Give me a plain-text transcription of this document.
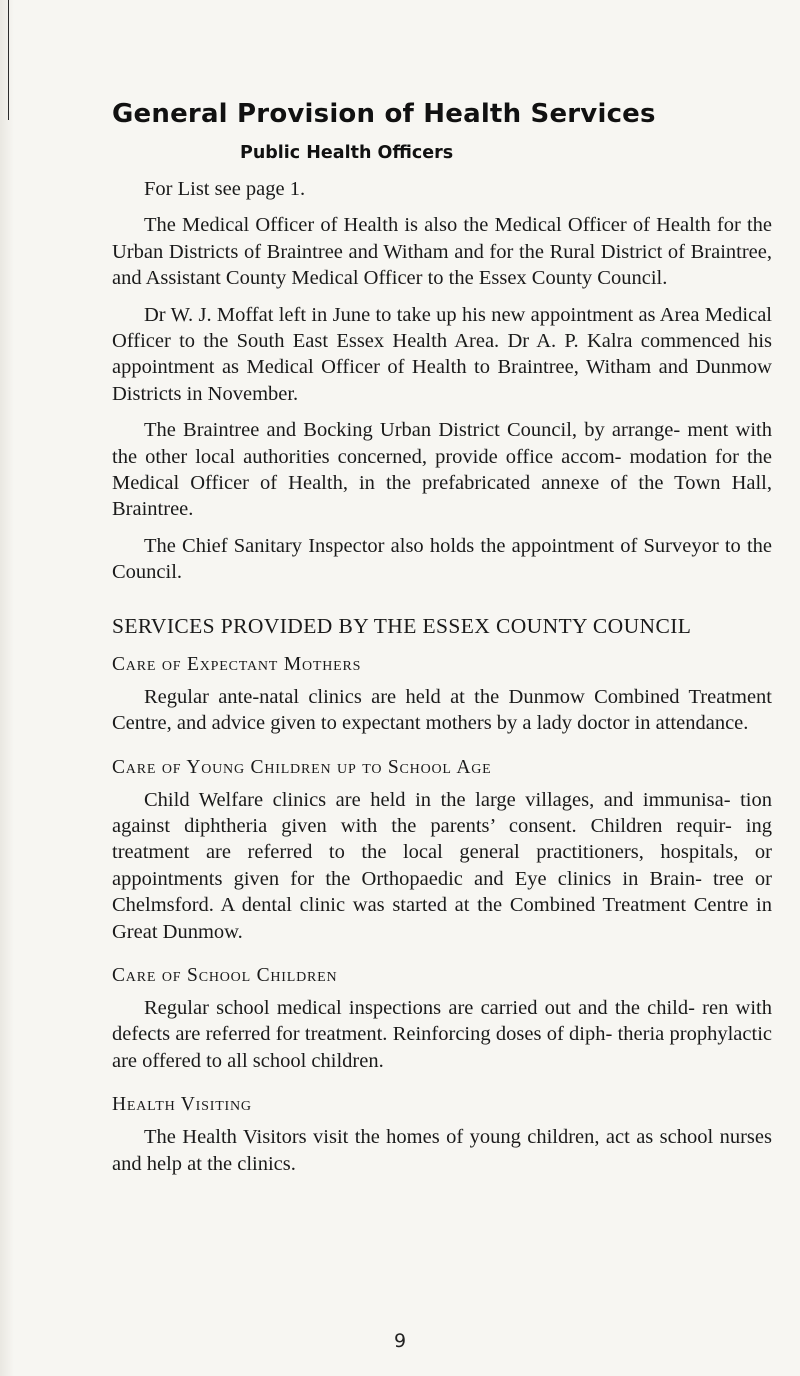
General Provision of Health Services
Public Health Officers

For List see page 1.

The Medical Officer of Health is also the Medical Officer of Health for the Urban Districts of Braintree and Witham and for the Rural District of Braintree, and Assistant County Medical Officer to the Essex County Council.

Dr W. J. Moffat left in June to take up his new appointment as Area Medical Officer to the South East Essex Health Area. Dr A. P. Kalra commenced his appointment as Medical Officer of Health to Braintree, Witham and Dunmow Districts in November.

The Braintree and Bocking Urban District Council, by arrange- ment with the other local authorities concerned, provide office accom- modation for the Medical Officer of Health, in the prefabricated annexe of the Town Hall, Braintree.

The Chief Sanitary Inspector also holds the appointment of Surveyor to the Council.

SERVICES PROVIDED BY THE ESSEX COUNTY COUNCIL
Care of Expectant Mothers

Regular ante-natal clinics are held at the Dunmow Combined Treatment Centre, and advice given to expectant mothers by a lady doctor in attendance.

Care of Young Children up to School Age

Child Welfare clinics are held in the large villages, and immunisa- tion against diphtheria given with the parents’ consent. Children requir- ing treatment are referred to the local general practitioners, hospitals, or appointments given for the Orthopaedic and Eye clinics in Brain- tree or Chelmsford. A dental clinic was started at the Combined Treatment Centre in Great Dunmow.

Care of School Children

Regular school medical inspections are carried out and the child- ren with defects are referred for treatment. Reinforcing doses of diph- theria prophylactic are offered to all school children.

Health Visiting

The Health Visitors visit the homes of young children, act as school nurses and help at the clinics.

9
